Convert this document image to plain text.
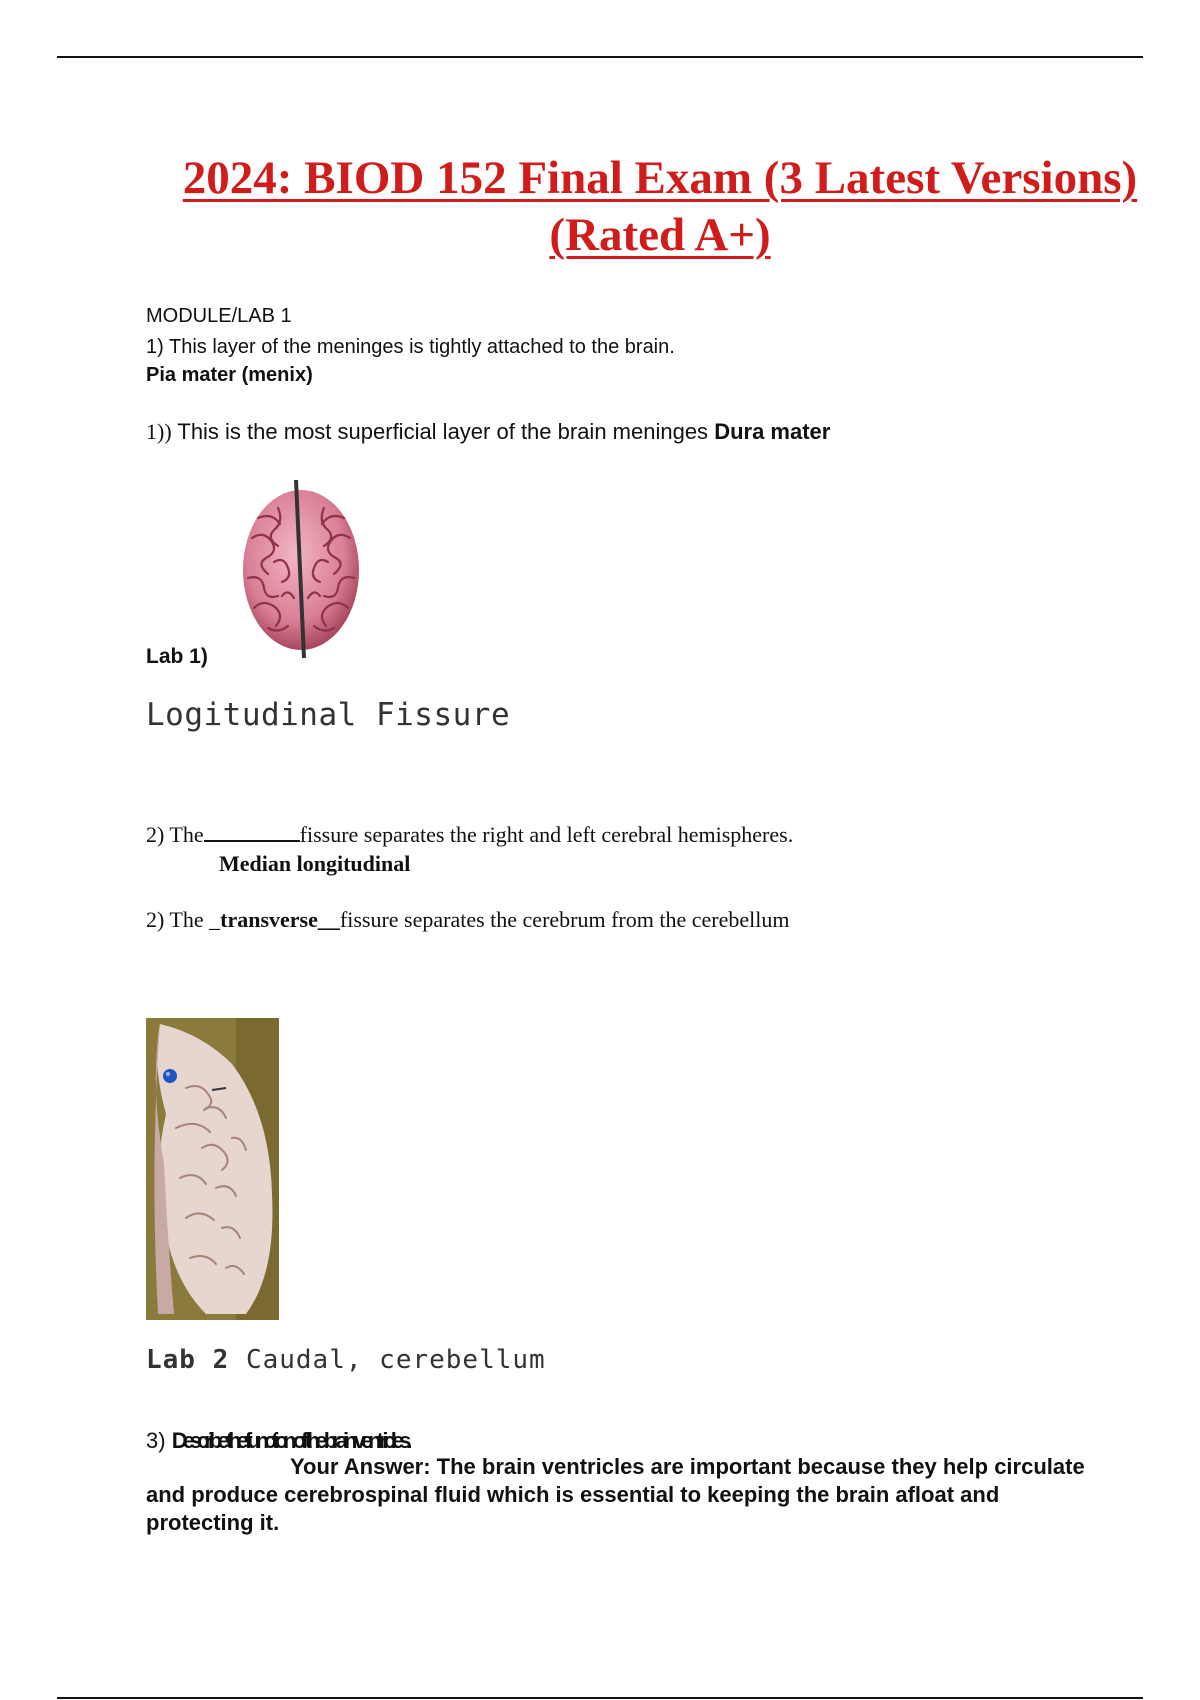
2024: BIOD 152 Final Exam (3 Latest Versions) (Rated A+)
MODULE/LAB 1
1) This layer of the meninges is tightly attached to the brain.
Pia mater (menix)
1)) This is the most superficial layer of the brain meninges Dura mater
Lab 1)
Logitudinal Fissure
2) The	fissure separates the right and left cerebral hemispheres.
Median longitudinal
2) The _transverse__fissure separates the cerebrum from the cerebellum
Lab 2 Caudal, cerebellum
3) Describe the function of the brain ventricles.
Your Answer: The brain ventricles are important because they help circulate and produce cerebrospinal fluid which is essential to keeping the brain afloat and protecting it.
